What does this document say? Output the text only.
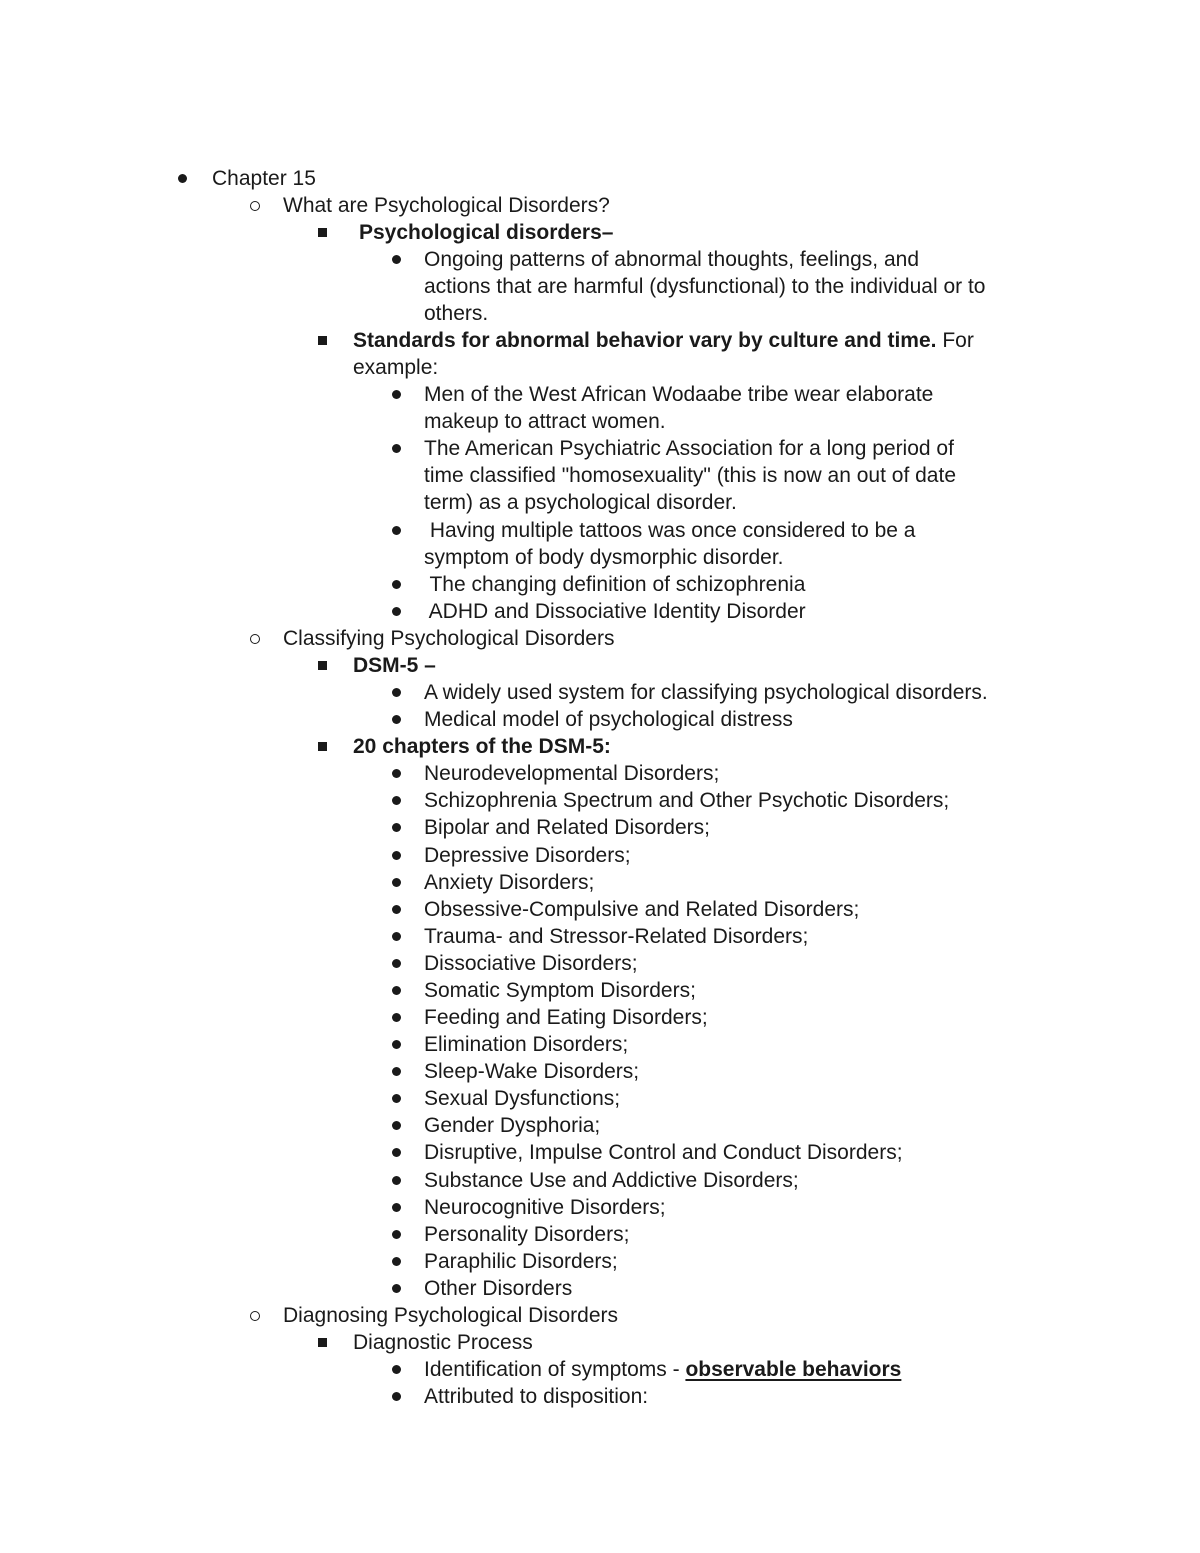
Chapter 15
What are Psychological Disorders?
Psychological disorders–
Ongoing patterns of abnormal thoughts, feelings, and
actions that are harmful (dysfunctional) to the individual or to
others.
Standards for abnormal behavior vary by culture and time. For
example:
Men of the West African Wodaabe tribe wear elaborate
makeup to attract women.
The American Psychiatric Association for a long period of
time classified "homosexuality" (this is now an out of date
term) as a psychological disorder.
Having multiple tattoos was once considered to be a
symptom of body dysmorphic disorder.
The changing definition of schizophrenia
ADHD and Dissociative Identity Disorder
Classifying Psychological Disorders
DSM-5 –
A widely used system for classifying psychological disorders.
Medical model of psychological distress
20 chapters of the DSM-5:
Neurodevelopmental Disorders;
Schizophrenia Spectrum and Other Psychotic Disorders;
Bipolar and Related Disorders;
Depressive Disorders;
Anxiety Disorders;
Obsessive-Compulsive and Related Disorders;
Trauma- and Stressor-Related Disorders;
Dissociative Disorders;
Somatic Symptom Disorders;
Feeding and Eating Disorders;
Elimination Disorders;
Sleep-Wake Disorders;
Sexual Dysfunctions;
Gender Dysphoria;
Disruptive, Impulse Control and Conduct Disorders;
Substance Use and Addictive Disorders;
Neurocognitive Disorders;
Personality Disorders;
Paraphilic Disorders;
Other Disorders
Diagnosing Psychological Disorders
Diagnostic Process
Identification of symptoms - observable behaviors
Attributed to disposition:
